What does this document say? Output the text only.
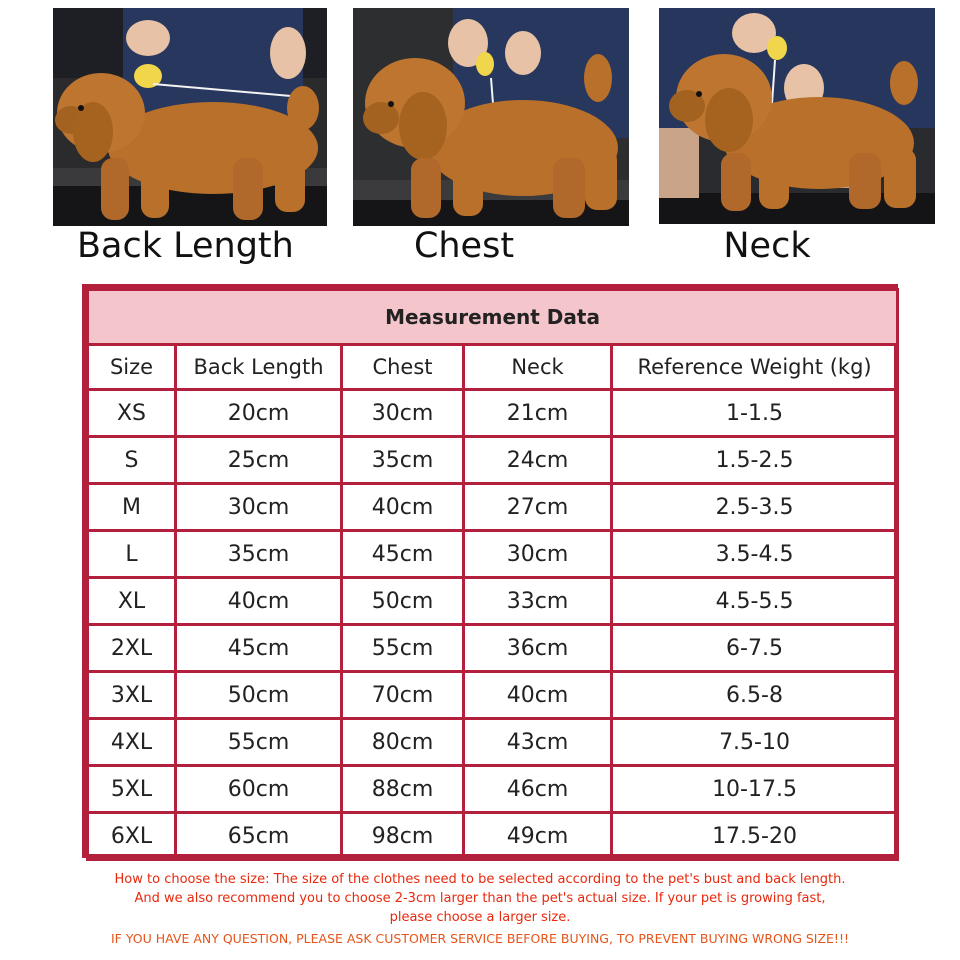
Back Length	Chest	Neck
Measurement Data				
Size	Back Length	Chest	Neck	Reference Weight (kg)
XS	20cm	30cm	21cm	1-1.5
S	25cm	35cm	24cm	1.5-2.5
M	30cm	40cm	27cm	2.5-3.5
L	35cm	45cm	30cm	3.5-4.5
XL	40cm	50cm	33cm	4.5-5.5
2XL	45cm	55cm	36cm	6-7.5
3XL	50cm	70cm	40cm	6.5-8
4XL	55cm	80cm	43cm	7.5-10
5XL	60cm	88cm	46cm	10-17.5
6XL	65cm	98cm	49cm	17.5-20
How to choose the size: The size of the clothes need to be selected according to the pet's bust and back length.
And we also recommend you to choose 2-3cm larger than the pet's actual size. If your pet is growing fast,
please choose a larger size.
IF YOU HAVE ANY QUESTION, PLEASE ASK CUSTOMER SERVICE BEFORE BUYING, TO PREVENT BUYING WRONG SIZE!!!
